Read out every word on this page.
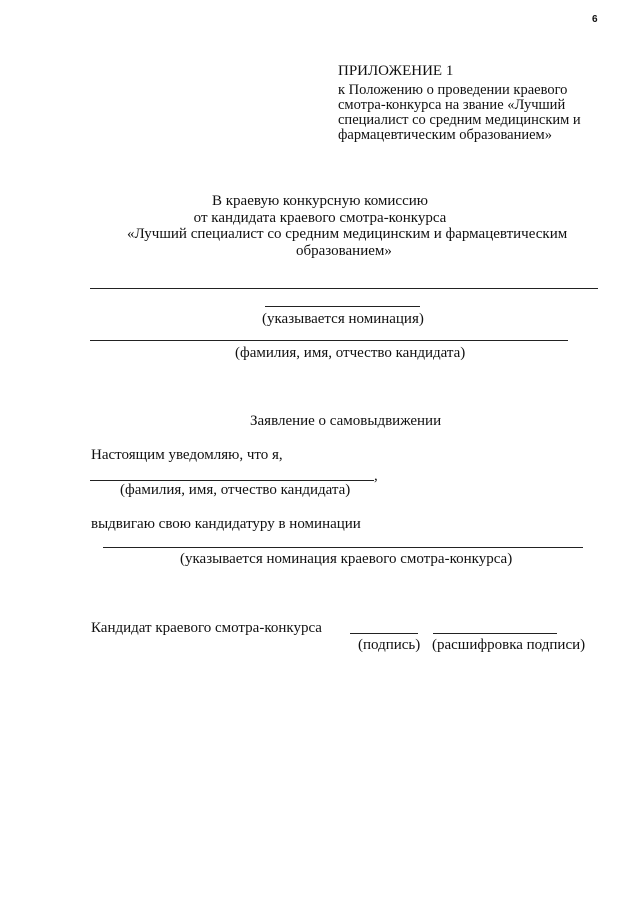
6
ПРИЛОЖЕНИЕ 1
к Положению о проведении краевого
смотра-конкурса на звание «Лучший
специалист со средним медицинским и
фармацевтическим образованием»
В краевую конкурсную комиссию
от кандидата краевого смотра-конкурса
«Лучший специалист со средним медицинским и фармацевтическим
образованием»
(указывается номинация)
(фамилия, имя, отчество кандидата)
Заявление о самовыдвижении
Настоящим уведомляю, что я,
,
(фамилия, имя, отчество кандидата)
выдвигаю свою кандидатуру в номинации
(указывается номинация краевого смотра-конкурса)
Кандидат краевого смотра-конкурса
(подпись) (расшифровка подписи)
